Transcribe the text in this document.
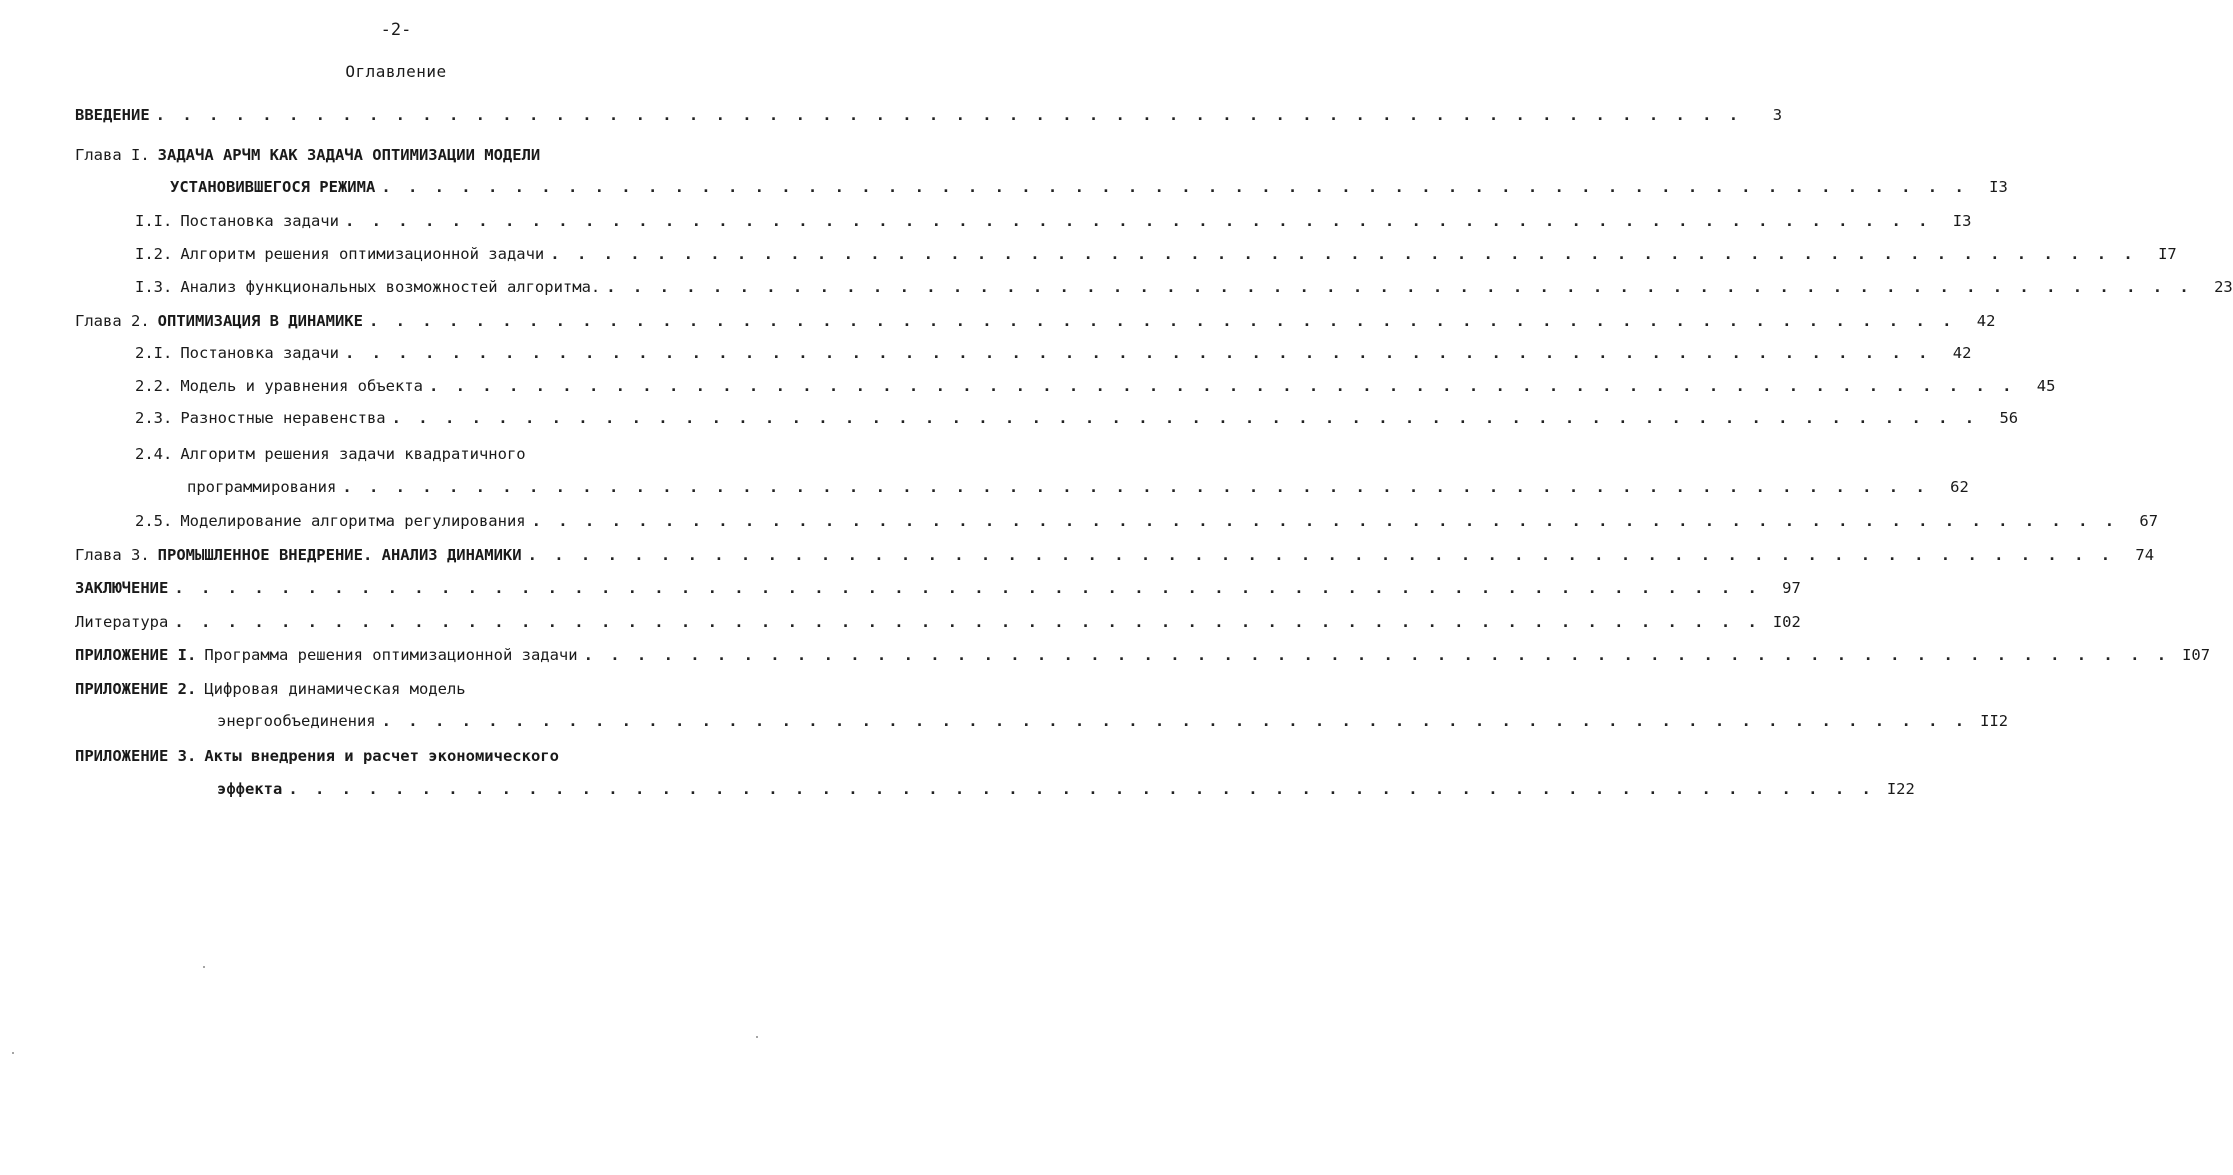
-2-
Оглавление
ВВЕДЕНИЕ . . . . . . . . . . . . . . . . . . . . . . . . . . . . . . . . . . . . . . . . . . . . . . . . . . . . . . . . . . . .	3
Глава I. ЗАДАЧА АРЧМ КАК ЗАДАЧА ОПТИМИЗАЦИИ МОДЕЛИ
УСТАНОВИВШЕГОСЯ РЕЖИМА . . . . . . . . . . . . . . . . . . . . . . . . . . . . . . . . . . . . . . . . . . . . . . . . . . . . . . . . . . . .	I3
I.I. Постановка задачи . . . . . . . . . . . . . . . . . . . . . . . . . . . . . . . . . . . . . . . . . . . . . . . . . . . . . . . . . . . .	I3
I.2. Алгоритм решения оптимизационной задачи . . . . . . . . . . . . . . . . . . . . . . . . . . . . . . . . . . . . . . . . . . . . . . . . . . . . . . . . . . . .	I7
I.3. Анализ функциональных возможностей алгоритма. . . . . . . . . . . . . . . . . . . . . . . . . . . . . . . . . . . . . . . . . . . . . . . . . . . . . . . . . . . . .	23
Глава 2. ОПТИМИЗАЦИЯ В ДИНАМИКЕ . . . . . . . . . . . . . . . . . . . . . . . . . . . . . . . . . . . . . . . . . . . . . . . . . . . . . . . . . . . .	42
2.I. Постановка задачи . . . . . . . . . . . . . . . . . . . . . . . . . . . . . . . . . . . . . . . . . . . . . . . . . . . . . . . . . . . .	42
2.2. Модель и уравнения объекта . . . . . . . . . . . . . . . . . . . . . . . . . . . . . . . . . . . . . . . . . . . . . . . . . . . . . . . . . . . .	45
2.3. Разностные неравенства . . . . . . . . . . . . . . . . . . . . . . . . . . . . . . . . . . . . . . . . . . . . . . . . . . . . . . . . . . . .	56
2.4. Алгоритм решения задачи квадратичного
программирования . . . . . . . . . . . . . . . . . . . . . . . . . . . . . . . . . . . . . . . . . . . . . . . . . . . . . . . . . . . .	62
2.5. Моделирование алгоритма регулирования . . . . . . . . . . . . . . . . . . . . . . . . . . . . . . . . . . . . . . . . . . . . . . . . . . . . . . . . . . . .	67
Глава 3. ПРОМЫШЛЕННОЕ ВНЕДРЕНИЕ. АНАЛИЗ ДИНАМИКИ . . . . . . . . . . . . . . . . . . . . . . . . . . . . . . . . . . . . . . . . . . . . . . . . . . . . . . . . . . . .	74
ЗАКЛЮЧЕНИЕ . . . . . . . . . . . . . . . . . . . . . . . . . . . . . . . . . . . . . . . . . . . . . . . . . . . . . . . . . . . .	97
Литература . . . . . . . . . . . . . . . . . . . . . . . . . . . . . . . . . . . . . . . . . . . . . . . . . . . . . . . . . . . . I02
ПРИЛОЖЕНИЕ I. Программа решения оптимизационной задачи . . . . . . . . . . . . . . . . . . . . . . . . . . . . . . . . . . . . . . . . . . . . . . . . . . . . . . . . . . . . I07
ПРИЛОЖЕНИЕ 2. Цифровая динамическая модель
энергообъединения . . . . . . . . . . . . . . . . . . . . . . . . . . . . . . . . . . . . . . . . . . . . . . . . . . . . . . . . . . . . II2
ПРИЛОЖЕНИЕ 3. Акты внедрения и расчет экономического
эффекта . . . . . . . . . . . . . . . . . . . . . . . . . . . . . . . . . . . . . . . . . . . . . . . . . . . . . . . . . . . . I22
